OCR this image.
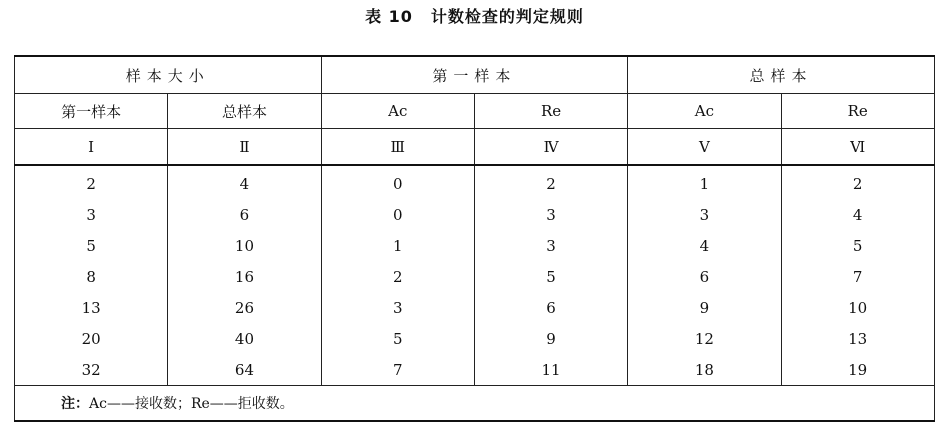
表 10 计数检查的判定规则
样本大小		第一样本		总样本	
第一样本	总样本	Ac	Re	Ac	Re
Ⅰ	Ⅱ	Ⅲ	Ⅳ	Ⅴ	Ⅵ
2	4	0	2	1	2
3	6	0	3	3	4
5	10	1	3	4	5
8	16	2	5	6	7
13	26	3	6	9	10
20	40	5	9	12	13
32	64	7	11	18	19
注：Ac——接收数；Re——拒收数。					
